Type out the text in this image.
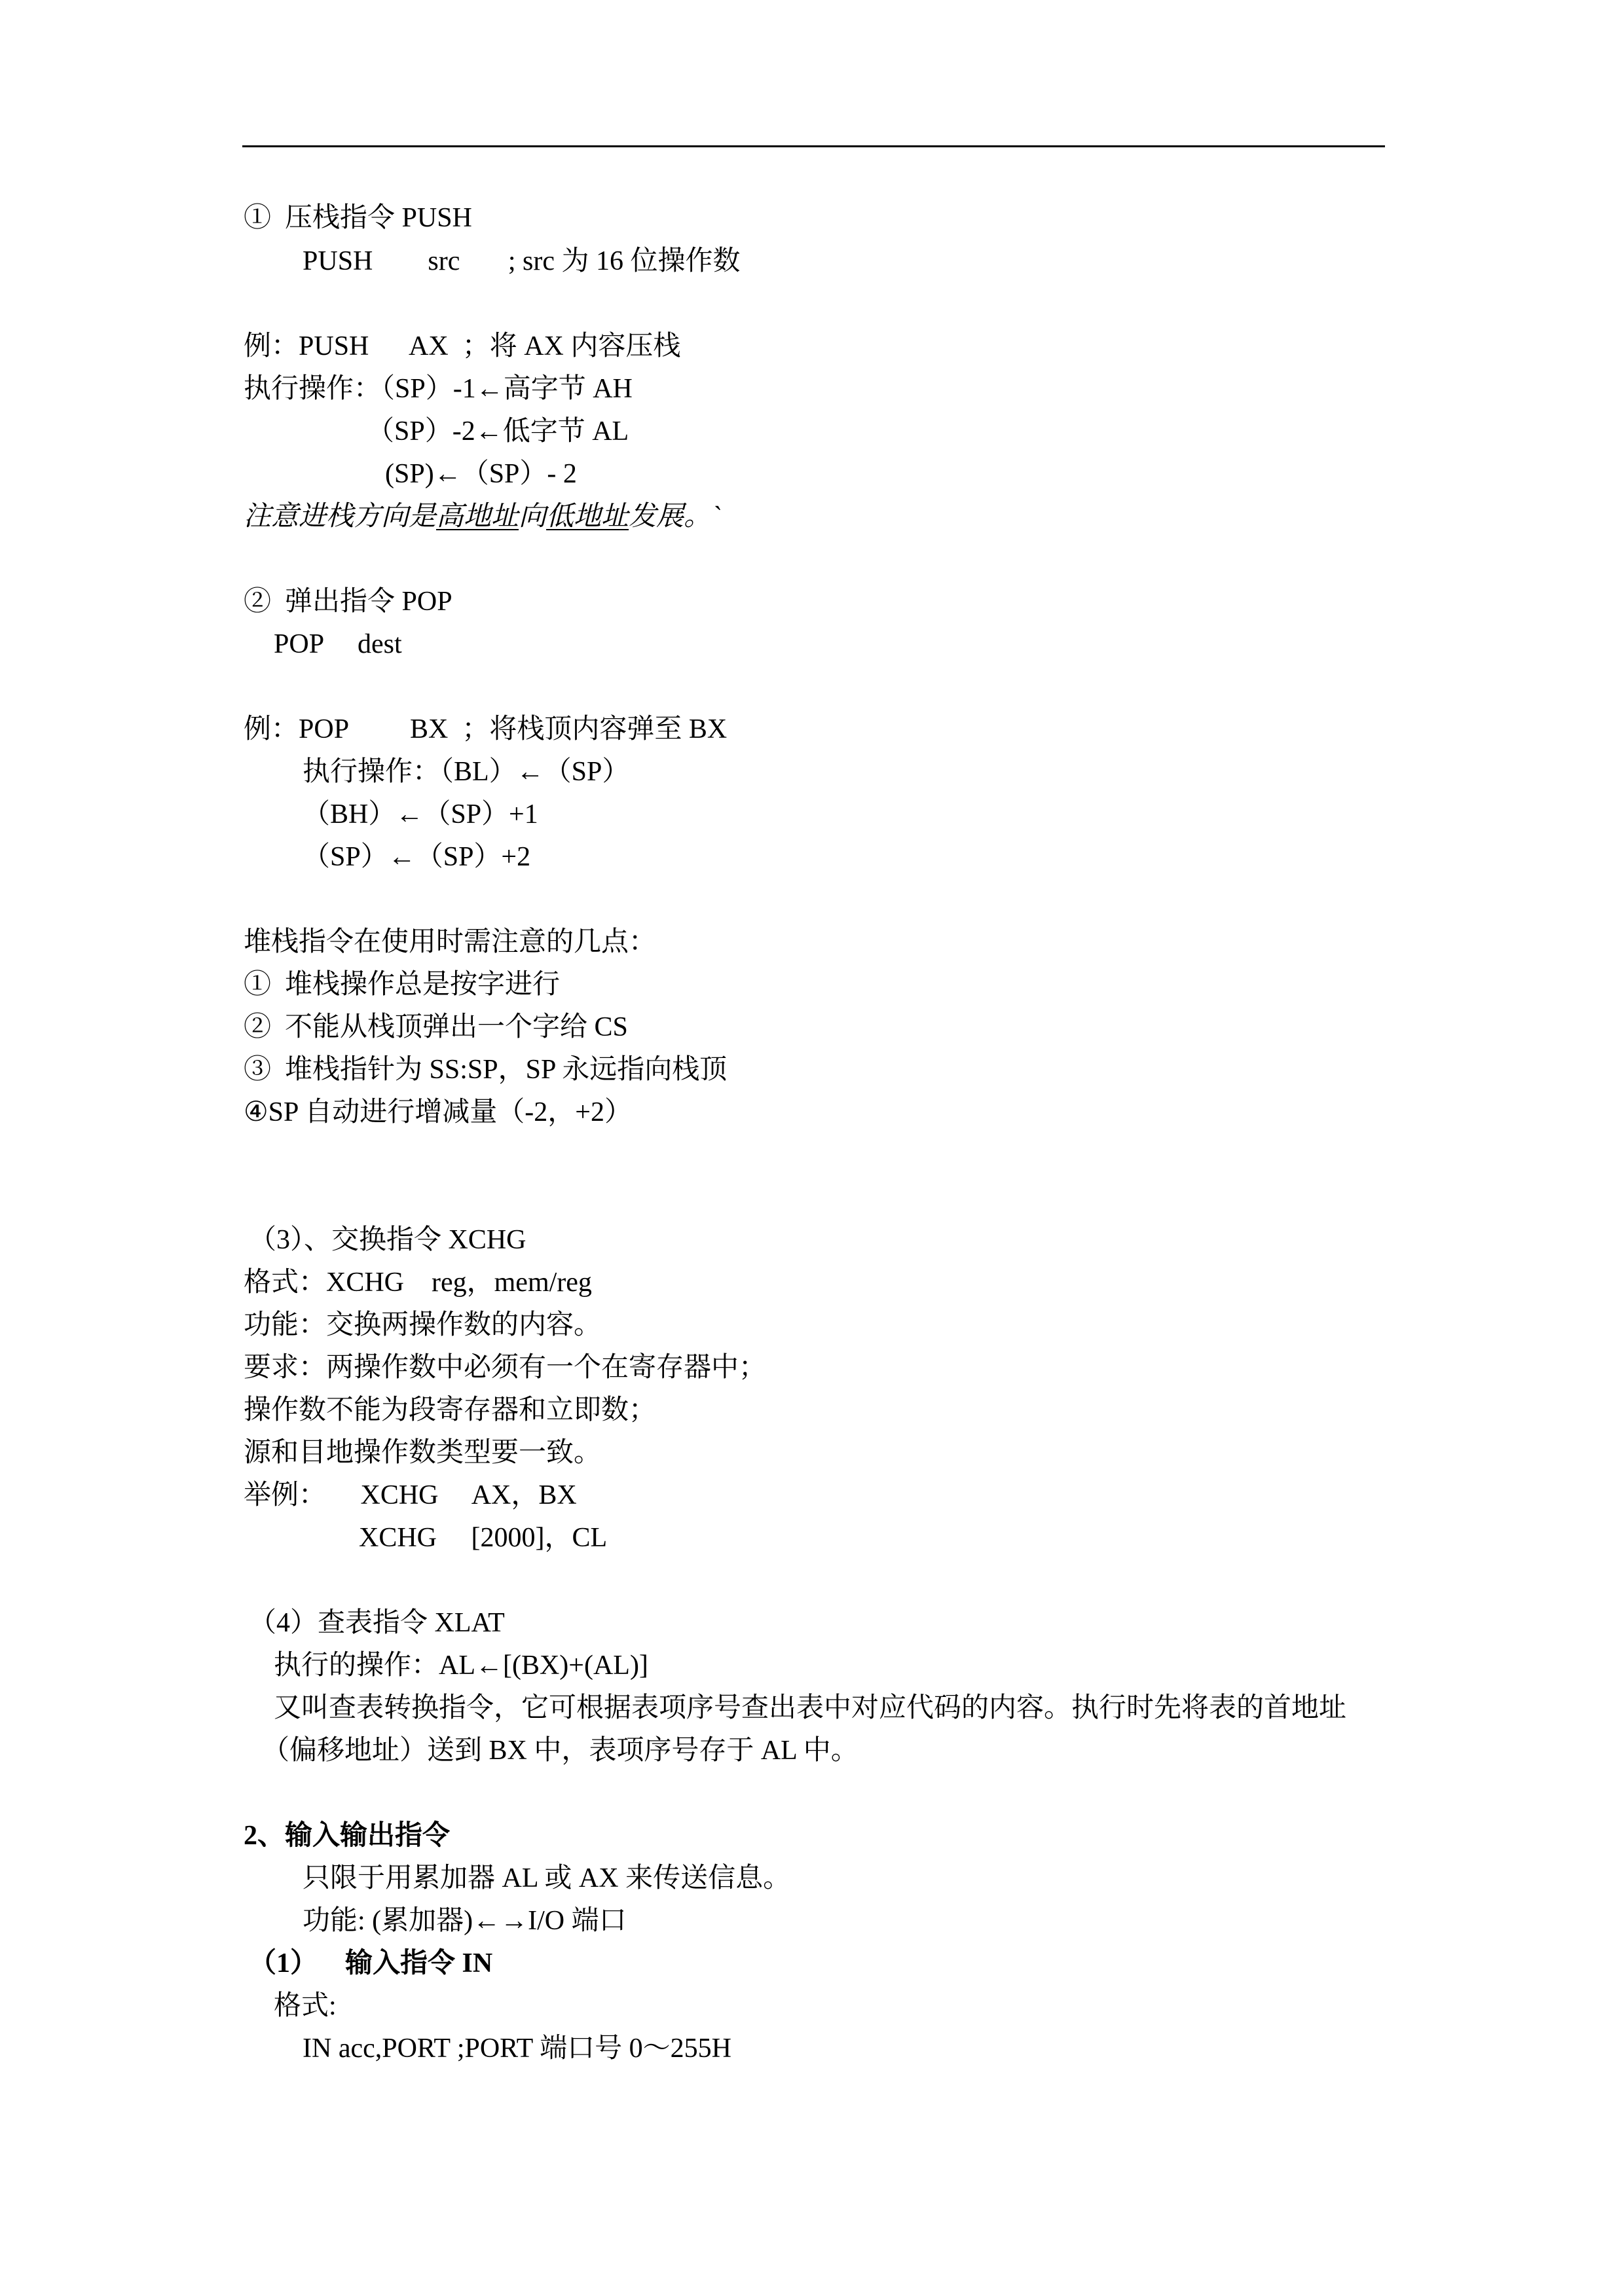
①  压栈指令 PUSH
PUSH        src       ; src 为 16 位操作数
例：PUSH      AX  ；将 AX 内容压栈
执行操作：（SP）-1←高字节 AH
（SP）-2←低字节 AL
(SP)←（SP）- 2
注意进栈方向是高地址向低地址发展。`
②  弹出指令 POP
POP     dest
例：POP         BX  ；将栈顶内容弹至 BX
执行操作：（BL）←（SP）
（BH）←（SP）+1
（SP）←（SP）+2
堆栈指令在使用时需注意的几点：
①  堆栈操作总是按字进行
②  不能从栈顶弹出一个字给 CS
③  堆栈指针为 SS:SP，SP 永远指向栈顶
④SP 自动进行增减量（-2，+2）
（3）、交换指令 XCHG
格式：XCHG    reg，mem/reg
功能：交换两操作数的内容。
要求：两操作数中必须有一个在寄存器中；
操作数不能为段寄存器和立即数；
源和目地操作数类型要一致。
举例：     XCHG     AX，BX
XCHG     [2000]，CL
（4）查表指令 XLAT
执行的操作：AL←[(BX)+(AL)]
又叫查表转换指令，它可根据表项序号查出表中对应代码的内容。执行时先将表的首地址
（偏移地址）送到 BX 中，表项序号存于 AL 中。
2、输入输出指令
只限于用累加器 AL 或 AX 来传送信息。
功能: (累加器)←→I/O 端口
（1）    输入指令 IN
格式:
IN acc,PORT ;PORT 端口号 0～255H
